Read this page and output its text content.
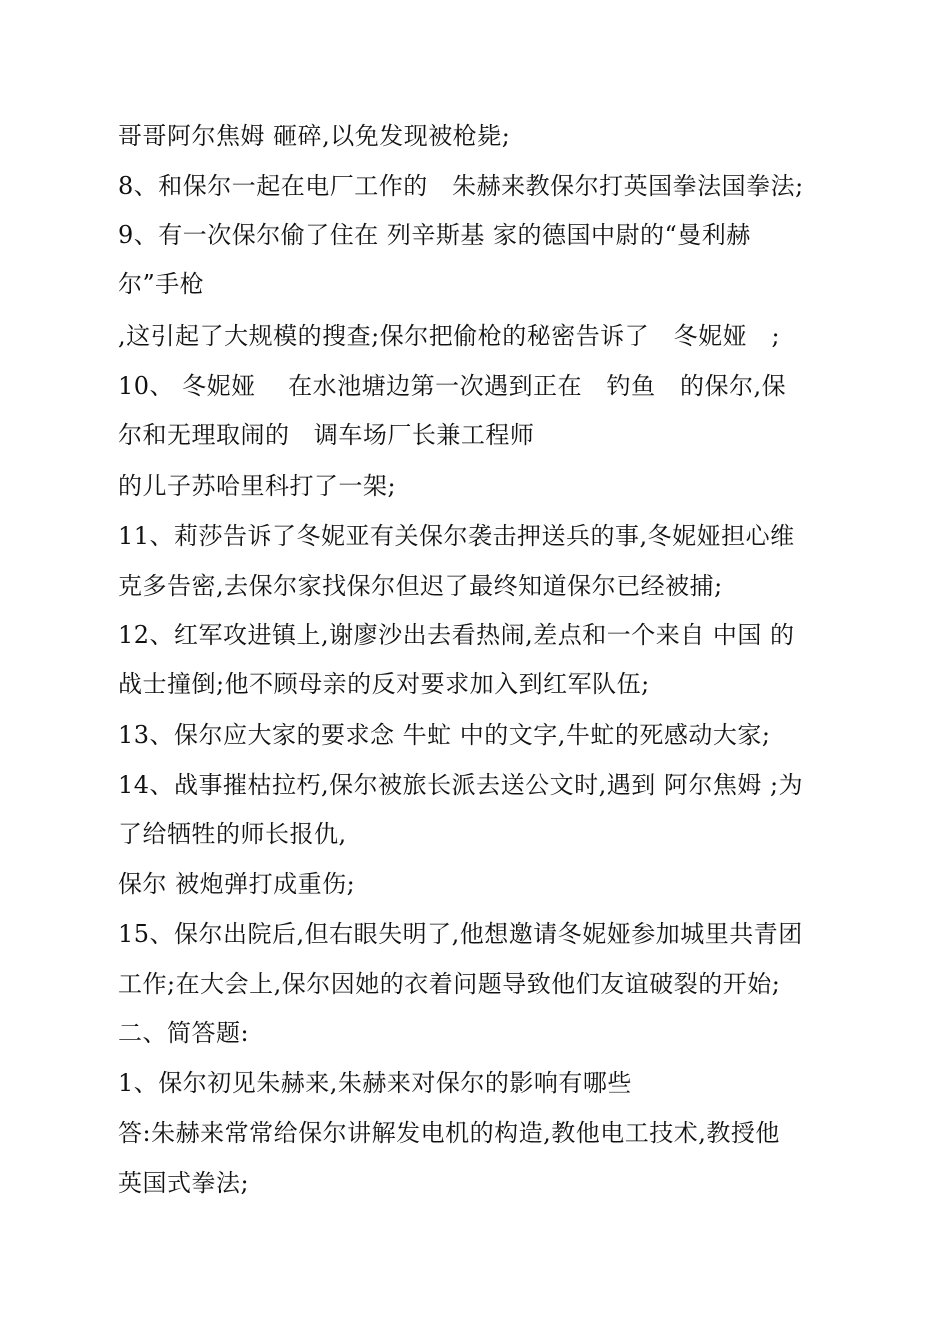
哥哥阿尔焦姆 砸碎,以免发现被枪毙;
8、和保尔一起在电厂工作的   朱赫来教保尔打英国拳法国拳法;
9、有一次保尔偷了住在 列辛斯基 家的德国中尉的“曼利赫
尔”手枪
,这引起了大规模的搜查;保尔把偷枪的秘密告诉了   冬妮娅   ;
10、 冬妮娅    在水池塘边第一次遇到正在   钓鱼   的保尔,保
尔和无理取闹的   调车场厂长兼工程师
的儿子苏哈里科打了一架;
11、莉莎告诉了冬妮亚有关保尔袭击押送兵的事,冬妮娅担心维
克多告密,去保尔家找保尔但迟了最终知道保尔已经被捕;
12、红军攻进镇上,谢廖沙出去看热闹,差点和一个来自 中国 的
战士撞倒;他不顾母亲的反对要求加入到红军队伍;
13、保尔应大家的要求念 牛虻 中的文字,牛虻的死感动大家;
14、战事摧枯拉朽,保尔被旅长派去送公文时,遇到 阿尔焦姆 ;为
了给牺牲的师长报仇,
保尔 被炮弹打成重伤;
15、保尔出院后,但右眼失明了,他想邀请冬妮娅参加城里共青团
工作;在大会上,保尔因她的衣着问题导致他们友谊破裂的开始;
二、简答题:
1、保尔初见朱赫来,朱赫来对保尔的影响有哪些
答:朱赫来常常给保尔讲解发电机的构造,教他电工技术,教授他
英国式拳法;
